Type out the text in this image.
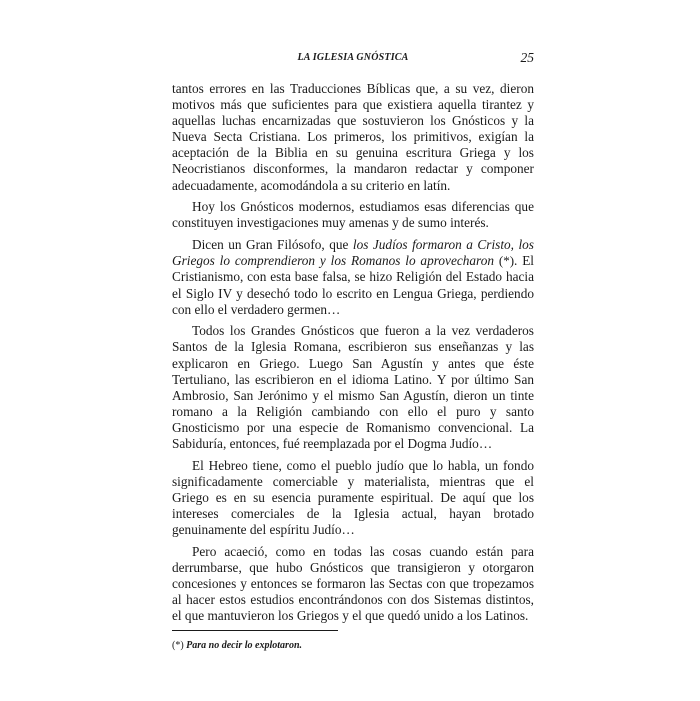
LA IGLESIA GNÓSTICA	25

tantos errores en las Traducciones Bíblicas que, a su vez, dieron motivos más que suficientes para que existiera aquella tirantez y aquellas luchas encarnizadas que sostuvieron los Gnósticos y la Nueva Secta Cristiana. Los primeros, los primitivos, exigían la aceptación de la Biblia en su genuina escritura Griega y los Neocristianos disconformes, la mandaron redactar y componer adecuadamente, acomodándola a su criterio en latín.

Hoy los Gnósticos modernos, estudiamos esas diferencias que constituyen investigaciones muy amenas y de sumo interés.

Dicen un Gran Filósofo, que los Judíos formaron a Cristo, los Griegos lo comprendieron y los Romanos lo aprovecharon (*). El Cristianismo, con esta base falsa, se hizo Religión del Estado hacia el Siglo IV y desechó todo lo escrito en Lengua Griega, perdiendo con ello el verdadero germen…

Todos los Grandes Gnósticos que fueron a la vez verdaderos Santos de la Iglesia Romana, escribieron sus enseñanzas y las explicaron en Griego. Luego San Agustín y antes que éste Tertuliano, las escribieron en el idioma Latino. Y por último San Ambrosio, San Jerónimo y el mismo San Agustín, dieron un tinte romano a la Religión cambiando con ello el puro y santo Gnosticismo por una especie de Romanismo convencional. La Sabiduría, entonces, fué reemplazada por el Dogma Judío…

El Hebreo tiene, como el pueblo judío que lo habla, un fondo significadamente comerciable y materialista, mientras que el Griego es en su esencia puramente espiritual. De aquí que los intereses comerciales de la Iglesia actual, hayan brotado genuinamente del espíritu Judío…

Pero acaeció, como en todas las cosas cuando están para derrumbarse, que hubo Gnósticos que transigieron y otorgaron concesiones y entonces se formaron las Sectas con que tropezamos al hacer estos estudios encontrándonos con dos Sistemas distintos, el que mantuvieron los Griegos y el que quedó unido a los Latinos.

(*) Para no decir lo explotaron.
